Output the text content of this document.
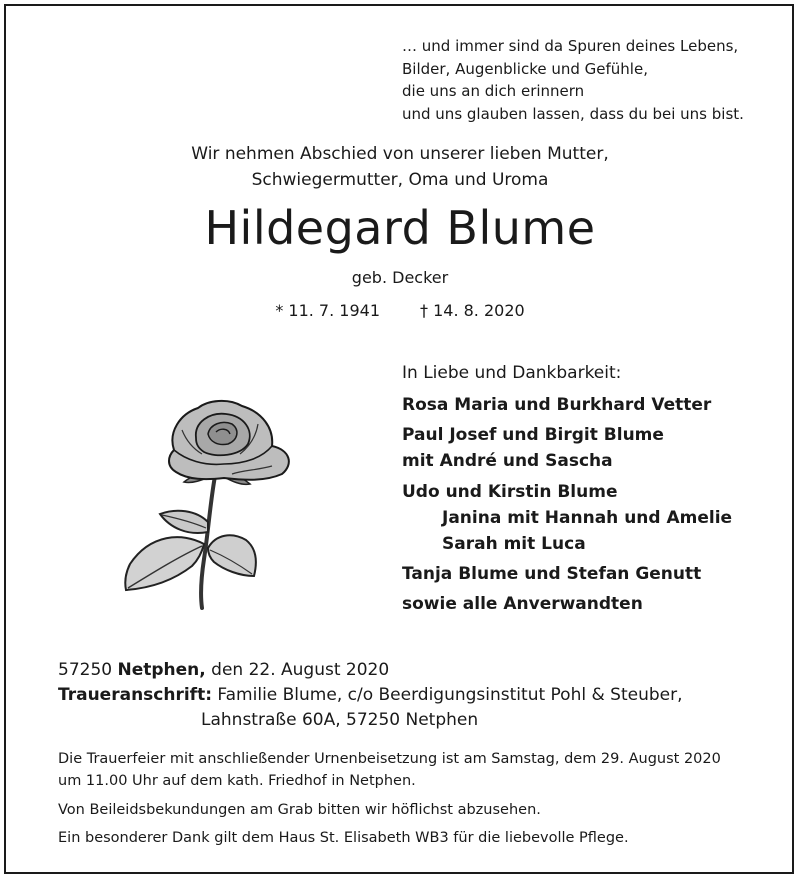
… und immer sind da Spuren deines Lebens,
Bilder, Augenblicke und Gefühle,
die uns an dich erinnern
und uns glauben lassen, dass du bei uns bist.
Wir nehmen Abschied von unserer lieben Mutter,
Schwiegermutter, Oma und Uroma
Hildegard Blume
geb. Decker
* 11. 7. 1941	† 14. 8. 2020
In Liebe und Dankbarkeit:
Rosa Maria und Burkhard Vetter
Paul Josef und Birgit Blume
mit André und Sascha
Udo und Kirstin Blume
Janina mit Hannah und Amelie
Sarah mit Luca
Tanja Blume und Stefan Genutt
sowie alle Anverwandten
57250 Netphen, den 22. August 2020
Traueranschrift: Familie Blume, c/o Beerdigungsinstitut Pohl & Steuber,
Lahnstraße 60A, 57250 Netphen
Die Trauerfeier mit anschließender Urnenbeisetzung ist am Samstag, dem 29. August 2020
um 11.00 Uhr auf dem kath. Friedhof in Netphen.
Von Beileidsbekundungen am Grab bitten wir höflichst abzusehen.
Ein besonderer Dank gilt dem Haus St. Elisabeth WB3 für die liebevolle Pflege.
